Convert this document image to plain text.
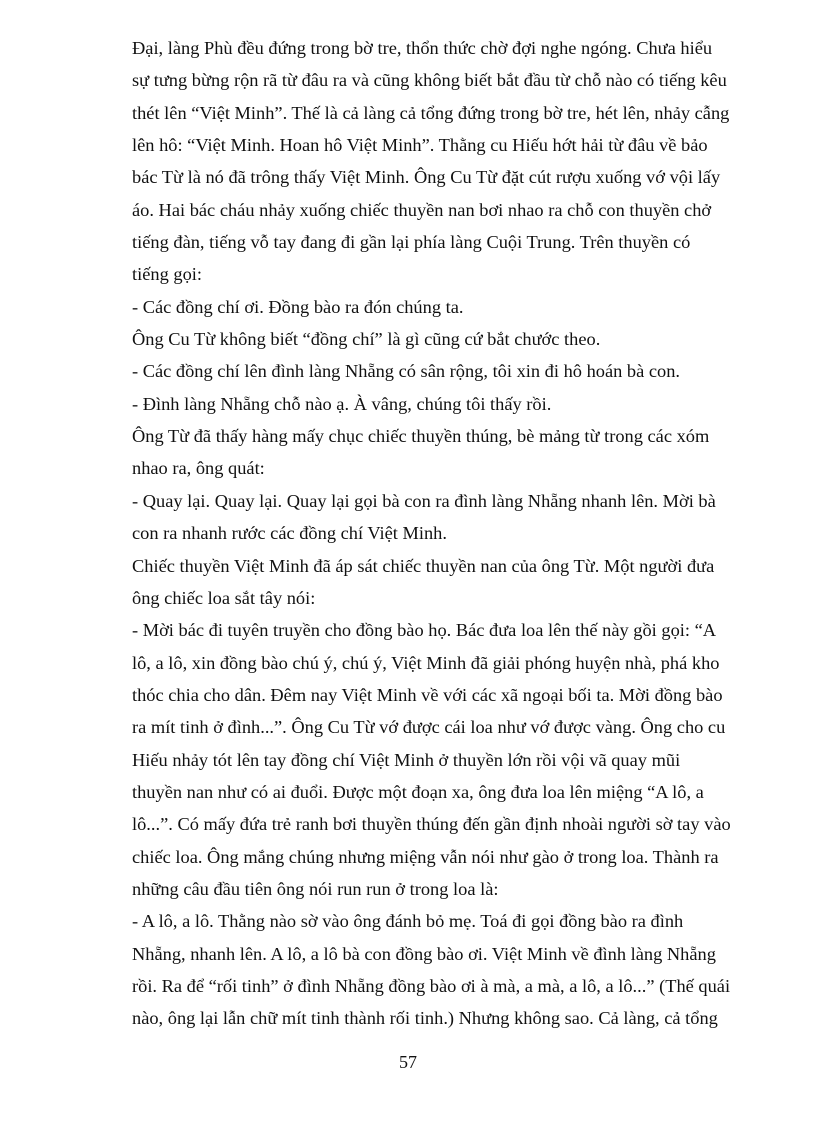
Đại, làng Phù đều đứng trong bờ tre, thổn thức chờ đợi nghe ngóng. Chưa hiểu
sự tưng bừng rộn rã từ đâu ra và cũng không biết bắt đầu từ chỗ nào có tiếng kêu
thét lên “Việt Minh”. Thế là cả làng cả tổng đứng trong bờ tre, hét lên, nhảy cẫng
lên hô: “Việt Minh. Hoan hô Việt Minh”. Thằng cu Hiếu hớt hải từ đâu về bảo
bác Từ là nó đã trông thấy Việt Minh. Ông Cu Từ đặt cút rượu xuống vớ vội lấy
áo. Hai bác cháu nhảy xuống chiếc thuyền nan bơi nhao ra chỗ con thuyền chở
tiếng đàn, tiếng vỗ tay đang đi gần lại phía làng Cuội Trung. Trên thuyền có
tiếng gọi:
- Các đồng chí ơi. Đồng bào ra đón chúng ta.
Ông Cu Từ không biết “đồng chí” là gì cũng cứ bắt chước theo.
- Các đồng chí lên đình làng Nhẵng có sân rộng, tôi xin đi hô hoán bà con.
- Đình làng Nhẵng chỗ nào ạ. À vâng, chúng tôi thấy rồi.
Ông Từ đã thấy hàng mấy chục chiếc thuyền thúng, bè mảng từ trong các xóm
nhao ra, ông quát:
- Quay lại. Quay lại. Quay lại gọi bà con ra đình làng Nhẵng nhanh lên. Mời bà
con ra nhanh rước các đồng chí Việt Minh.
Chiếc thuyền Việt Minh đã áp sát chiếc thuyền nan của ông Từ. Một người đưa
ông chiếc loa sắt tây nói:
- Mời bác đi tuyên truyền cho đồng bào họ. Bác đưa loa lên thế này gồi gọi: “A
lô, a lô, xin đồng bào chú ý, chú ý, Việt Minh đã giải phóng huyện nhà, phá kho
thóc chia cho dân. Đêm nay Việt Minh về với các xã ngoại bối ta. Mời đồng bào
ra mít tinh ở đình...”. Ông Cu Từ vớ được cái loa như vớ được vàng. Ông cho cu
Hiếu nhảy tót lên tay đồng chí Việt Minh ở thuyền lớn rồi vội vã quay mũi
thuyền nan như có ai đuổi. Được một đoạn xa, ông đưa loa lên miệng “A lô, a
lô...”. Có mấy đứa trẻ ranh bơi thuyền thúng đến gần định nhoài người sờ tay vào
chiếc loa. Ông mắng chúng nhưng miệng vẫn nói như gào ở trong loa. Thành ra
những câu đầu tiên ông nói run run ở trong loa là:
- A lô, a lô. Thằng nào sờ vào ông đánh bỏ mẹ. Toá đi gọi đồng bào ra đình
Nhẵng, nhanh lên. A lô, a lô bà con đồng bào ơi. Việt Minh về đình làng Nhẵng
rồi. Ra để “rối tinh” ở đình Nhẵng đồng bào ơi à mà, a mà, a lô, a lô...” (Thế quái
nào, ông lại lẫn chữ mít tinh thành rối tinh.) Nhưng không sao. Cả làng, cả tổng
57
